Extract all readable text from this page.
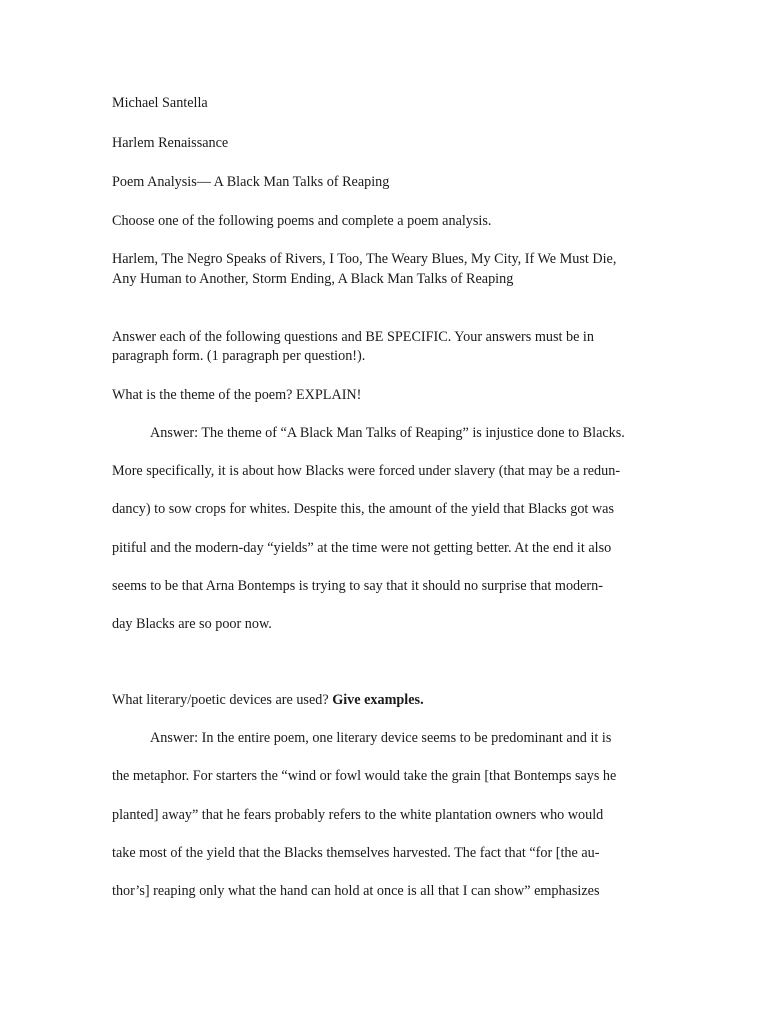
Michael Santella

Harlem Renaissance

Poem Analysis— A Black Man Talks of Reaping

Choose one of the following poems and complete a poem analysis.

Harlem, The Negro Speaks of Rivers, I Too, The Weary Blues, My City, If We Must Die,

Any Human to Another, Storm Ending, A Black Man Talks of Reaping

Answer each of the following questions and BE SPECIFIC. Your answers must be in

paragraph form. (1 paragraph per question!).

What is the theme of the poem? EXPLAIN!

Answer: The theme of “A Black Man Talks of Reaping” is injustice done to Blacks.

More specifically, it is about how Blacks were forced under slavery (that may be a redun-

dancy) to sow crops for whites. Despite this, the amount of the yield that Blacks got was

pitiful and the modern-day “yields” at the time were not getting better. At the end it also

seems to be that Arna Bontemps is trying to say that it should no surprise that modern-

day Blacks are so poor now.

What literary/poetic devices are used? Give examples.

Answer: In the entire poem, one literary device seems to be predominant and it is

the metaphor. For starters the “wind or fowl would take the grain [that Bontemps says he

planted] away” that he fears probably refers to the white plantation owners who would

take most of the yield that the Blacks themselves harvested. The fact that “for [the au-

thor’s] reaping only what the hand can hold at once is all that I can show” emphasizes
